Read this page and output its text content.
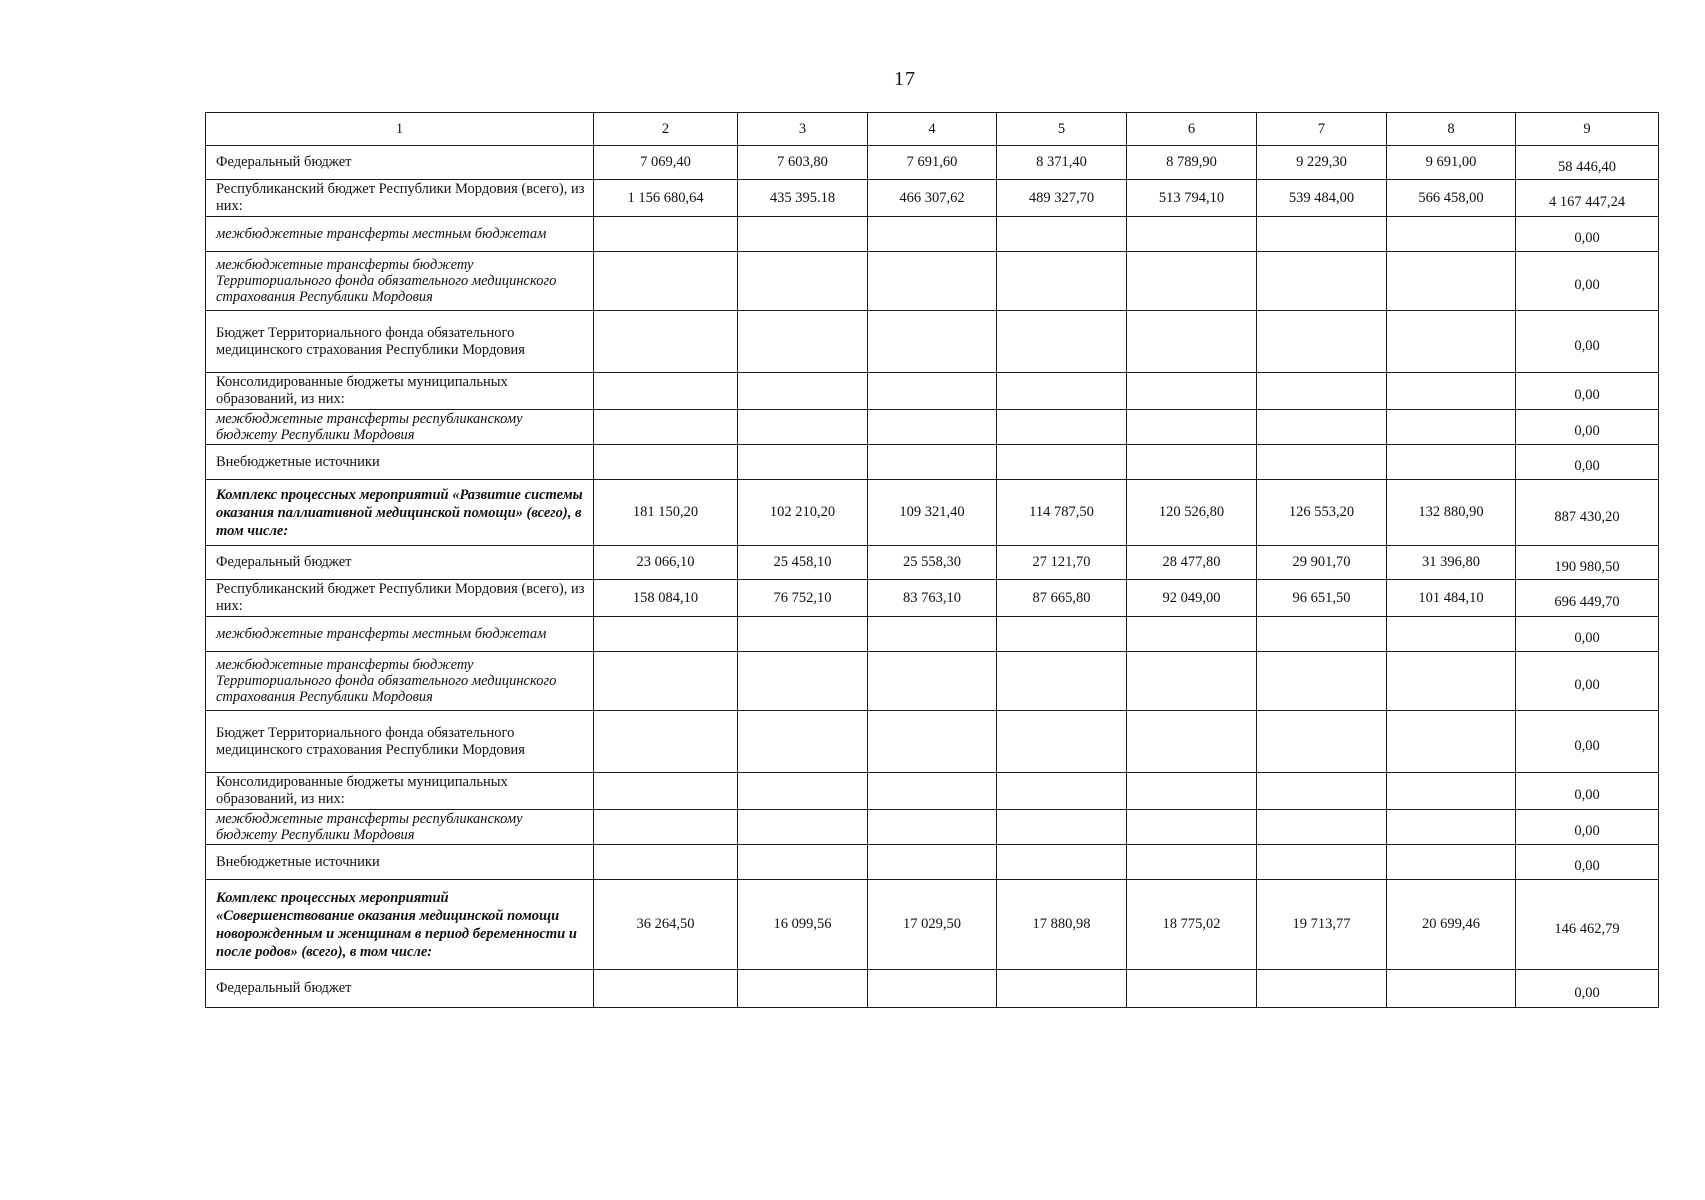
17
1	2	3	4	5	6	7	8	9
Федеральный бюджет	7 069,40	7 603,80	7 691,60	8 371,40	8 789,90	9 229,30	9 691,00	58 446,40
Республиканский бюджет Республики Мордовия (всего), из них:	1 156 680,64	435 395.18	466 307,62	489 327,70	513 794,10	539 484,00	566 458,00	4 167 447,24
межбюджетные трансферты местным бюджетам								0,00
межбюджетные трансферты бюджету Территориального фонда обязательного медицинского страхования Республики Мордовия								0,00
Бюджет Территориального фонда обязательного медицинского страхования Республики Мордовия								0,00
Консолидированные бюджеты муниципальных образований, из них:								0,00
межбюджетные трансферты республиканскому бюджету Республики Мордовия								0,00
Внебюджетные источники								0,00
Комплекс процессных мероприятий «Развитие системы оказания паллиативной медицинской помощи» (всего), в том числе:	181 150,20	102 210,20	109 321,40	114 787,50	120 526,80	126 553,20	132 880,90	887 430,20
Федеральный бюджет	23 066,10	25 458,10	25 558,30	27 121,70	28 477,80	29 901,70	31 396,80	190 980,50
Республиканский бюджет Республики Мордовия (всего), из них:	158 084,10	76 752,10	83 763,10	87 665,80	92 049,00	96 651,50	101 484,10	696 449,70
межбюджетные трансферты местным бюджетам								0,00
межбюджетные трансферты бюджету Территориального фонда обязательного медицинского страхования Республики Мордовия								0,00
Бюджет Территориального фонда обязательного медицинского страхования Республики Мордовия								0,00
Консолидированные бюджеты муниципальных образований, из них:								0,00
межбюджетные трансферты республиканскому бюджету Республики Мордовия								0,00
Внебюджетные источники								0,00
Комплекс процессных мероприятий «Совершенствование оказания медицинской помощи новорожденным и женщинам в период беременности и после родов» (всего), в том числе:	36 264,50	16 099,56	17 029,50	17 880,98	18 775,02	19 713,77	20 699,46	146 462,79
Федеральный бюджет								0,00
